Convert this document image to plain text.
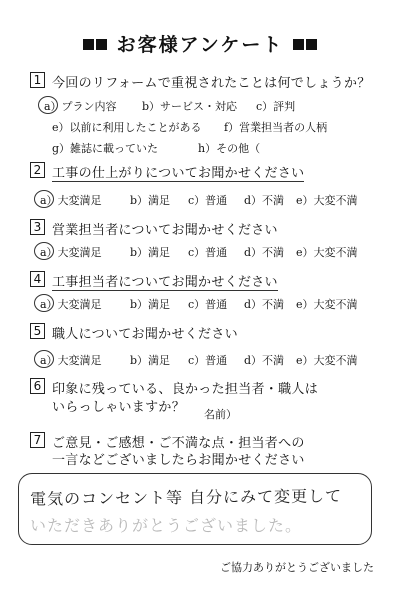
お客様アンケート
1 今回のリフォームで重視されたことは何でしょうか？
a）プラン内容 b）サービス・対応 c）評判
e）以前に利用したことがある f）営業担当者の人柄
g）雑誌に載っていた	h）その他（
2 工事の仕上がりについてお聞かせください
a）大変満足	b）満足 c）普通 d）不満 e）大変不満
3 営業担当者についてお聞かせください
a）大変満足	b）満足 c）普通 d）不満 e）大変不満
4 工事担当者についてお聞かせください
a）大変満足	b）満足 c）普通 d）不満 e）大変不満
5 職人についてお聞かせください
a）大変満足	b）満足 c）普通 d）不満 e）大変不満
6 印象に残っている、良かった担当者・職人は
いらっしゃいますか？ 名前）
7 ご意見・ご感想・ご不満な点・担当者への
一言などございましたらお聞かせください
電気のコンセント等 自分にみて変更して
いただきありがとうございました。
ご協力ありがとうございました
